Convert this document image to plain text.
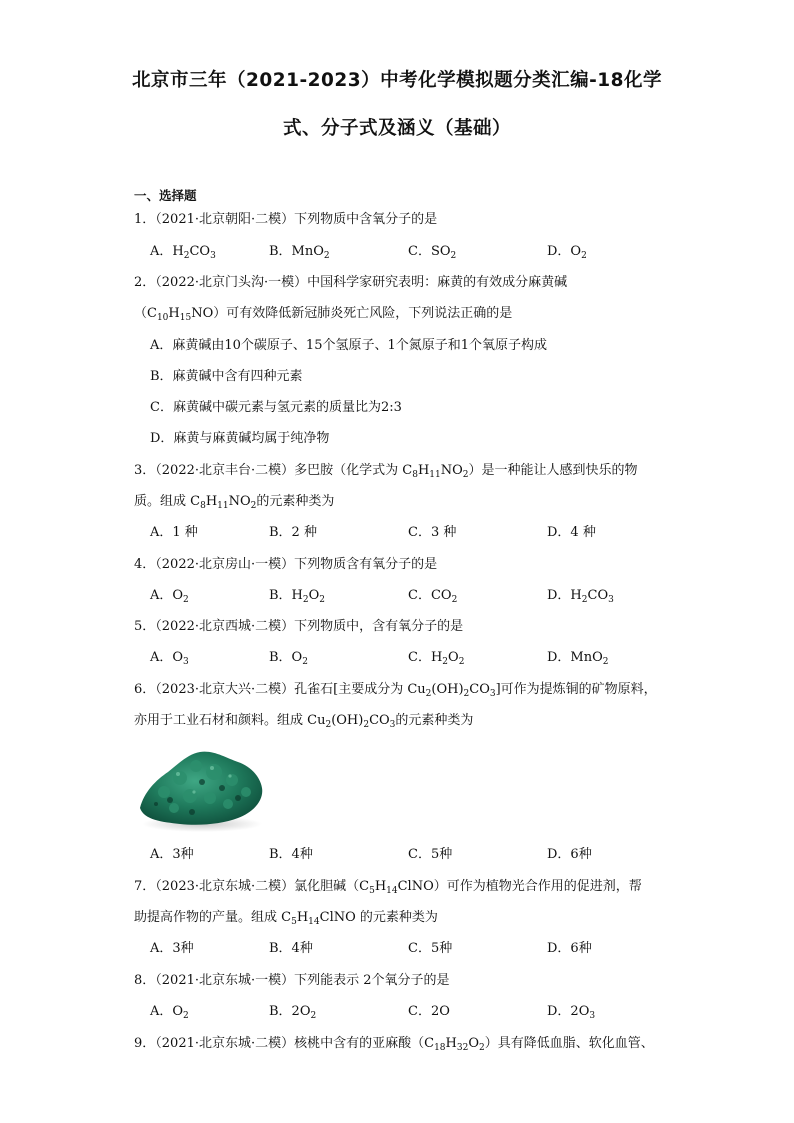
北京市三年（2021-2023）中考化学模拟题分类汇编-18化学
式、分子式及涵义（基础）
一、选择题
1．（2021·北京朝阳·二模）下列物质中含氧分子的是
A．$H_2CO_3$	B．MnO$_2$	C．$SO_2$	D．$O_2$
2．（2022·北京门头沟·一模）中国科学家研究表明：麻黄的有效成分麻黄碱
$(C_{10}H_{15}NO)$可有效降低新冠肺炎死亡风险，下列说法正确的是
A．麻黄碱由10个碳原子、15个氢原子、1个氮原子和1个氧原子构成
B．麻黄碱中含有四种元素
C．麻黄碱中碳元素与氢元素的质量比为2:3
D．麻黄与麻黄碱均属于纯净物
3．（2022·北京丰台·二模）多巴胺（化学式为 $C_8H_{11}NO_2$）是一种能让人感到快乐的物
质。组成 $C_8H_{11}NO_2$的元素种类为
A．1 种	B．2 种	C．3 种	D．4 种
4．（2022·北京房山·一模）下列物质含有氧分子的是
A．$O_2$	B．$H_2O_2$	C．$CO_2$	D．$H_2CO_3$
5．（2022·北京西城·二模）下列物质中，含有氧分子的是
A．$O_3$	B．$O_2$	C．$H_2O_2$	D．MnO$_2$
6．（2023·北京大兴·二模）孔雀石[主要成分为 $Cu_2(OH)_2CO_3$]可作为提炼铜的矿物原料，
亦用于工业石材和颜料。组成 $Cu_2(OH)_2CO_3$的元素种类为
A．3种	B．4种	C．5种	D．6种
7．（2023·北京东城·二模）氯化胆碱$(C_5H_{14}ClNO)$可作为植物光合作用的促进剂，帮
助提高作物的产量。组成 $C_5H_{14}ClNO$ 的元素种类为
A．3种	B．4种	C．5种	D．6种
8．（2021·北京东城·一模）下列能表示 2个氧分子的是
A．$O_2$	B．$2O_2$	C．2O	D．$2O_3$
9．（2021·北京东城·二模）核桃中含有的亚麻酸$(C_{18}H_{32}O_2)$具有降低血脂、软化血管、
